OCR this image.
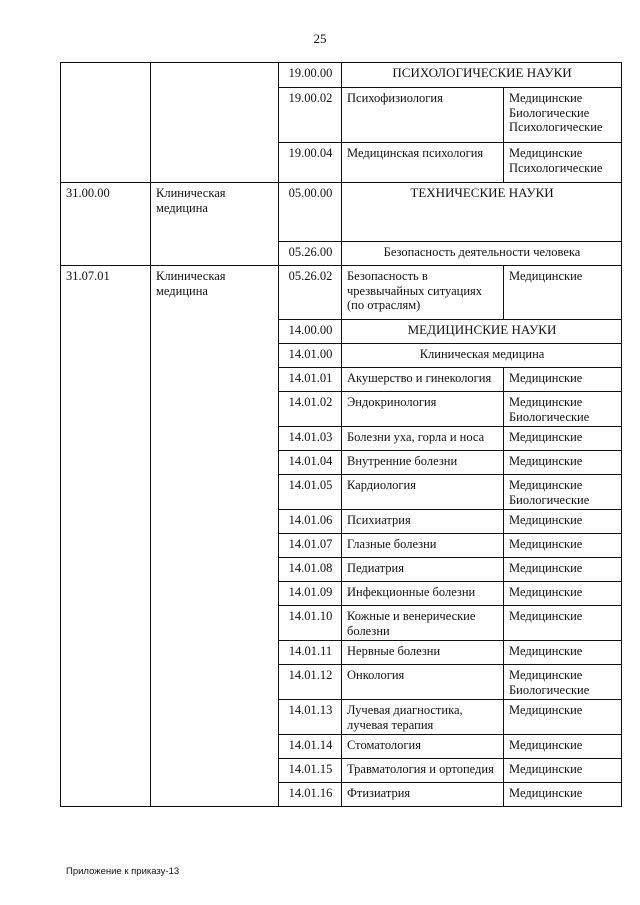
25
		19.00.00	ПСИХОЛОГИЧЕСКИЕ НАУКИ	
		19.00.02	Психофизиология	Медицинские
Биологические
Психологические

		19.00.04	Медицинская психология	Медицинские
Психологические

31.00.00	Клиническая
медицина	05.00.00	ТЕХНИЧЕСКИЕ НАУКИ	
		05.26.00	Безопасность деятельности человека	
31.07.01	Клиническая
медицина	05.26.02	Безопасность в
чрезвычайных ситуациях
(по отраслям)	Медицинские

		14.00.00	МЕДИЦИНСКИЕ НАУКИ	
		14.01.00	Клиническая медицина	
		14.01.01	Акушерство и гинекология	Медицинские

		14.01.02	Эндокринология	Медицинские
Биологические

		14.01.03	Болезни уха, горла и носа	Медицинские

		14.01.04	Внутренние болезни	Медицинские

		14.01.05	Кардиология	Медицинские
Биологические

		14.01.06	Психиатрия	Медицинские

		14.01.07	Глазные болезни	Медицинские

		14.01.08	Педиатрия	Медицинские

		14.01.09	Инфекционные болезни	Медицинские

		14.01.10	Кожные и венерические
болезни	Медицинские

		14.01.11	Нервные болезни	Медицинские

		14.01.12	Онкология	Медицинские
Биологические

		14.01.13	Лучевая диагностика,
лучевая терапия	Медицинские

		14.01.14	Стоматология	Медицинские

		14.01.15	Травматология и ортопедия	Медицинские

		14.01.16	Фтизиатрия	Медицинские
Приложение к приказу-13
